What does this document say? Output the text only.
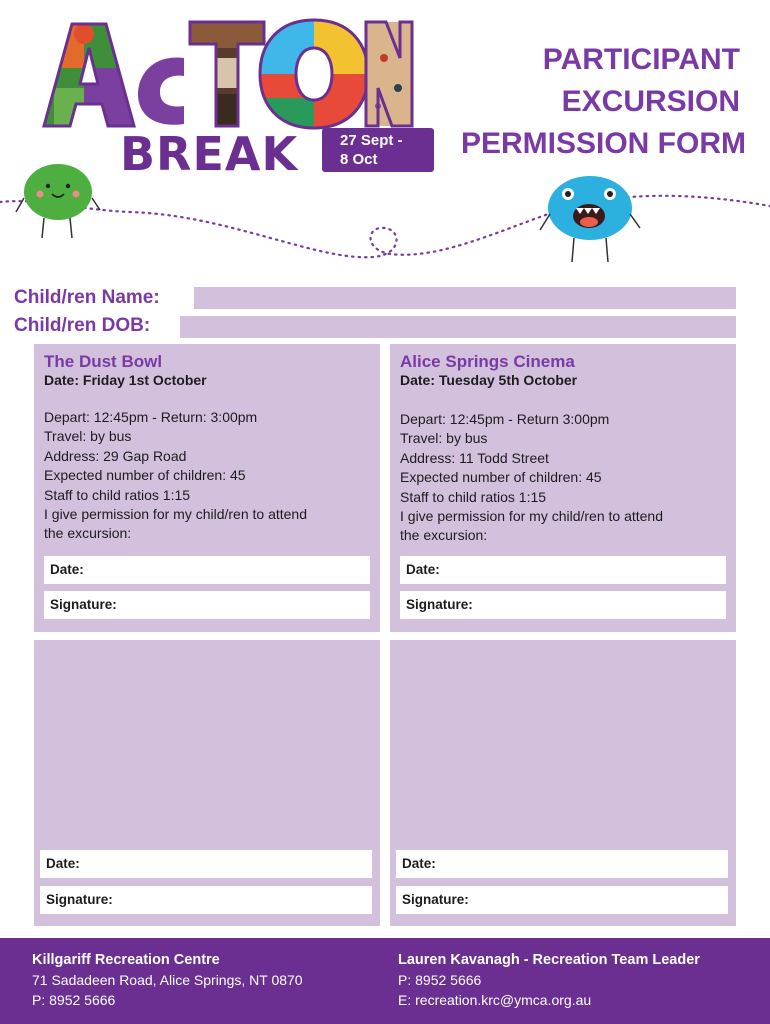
BREAK	27 Sept -
8 Oct
PARTICIPANT
EXCURSION
PERMISSION FORM
Child/ren Name:
Child/ren DOB:
The Dust Bowl
Date: Friday 1st October
Depart: 12:45pm - Return: 3:00pm
Travel: by bus
Address: 29 Gap Road
Expected number of children: 45
Staff to child ratios 1:15
I give permission for my child/ren to attend
the excursion:
Date:
Signature:
Alice Springs Cinema
Date: Tuesday 5th October
Depart: 12:45pm - Return 3:00pm
Travel: by bus
Address: 11 Todd Street
Expected number of children: 45
Staff to child ratios 1:15
I give permission for my child/ren to attend
the excursion:
Date:
Signature:
Date:
Signature:
Date:
Signature:
Killgariff Recreation Centre
71 Sadadeen Road, Alice Springs, NT 0870
P: 8952 5666
Lauren Kavanagh - Recreation Team Leader
P: 8952 5666
E: recreation.krc@ymca.org.au
